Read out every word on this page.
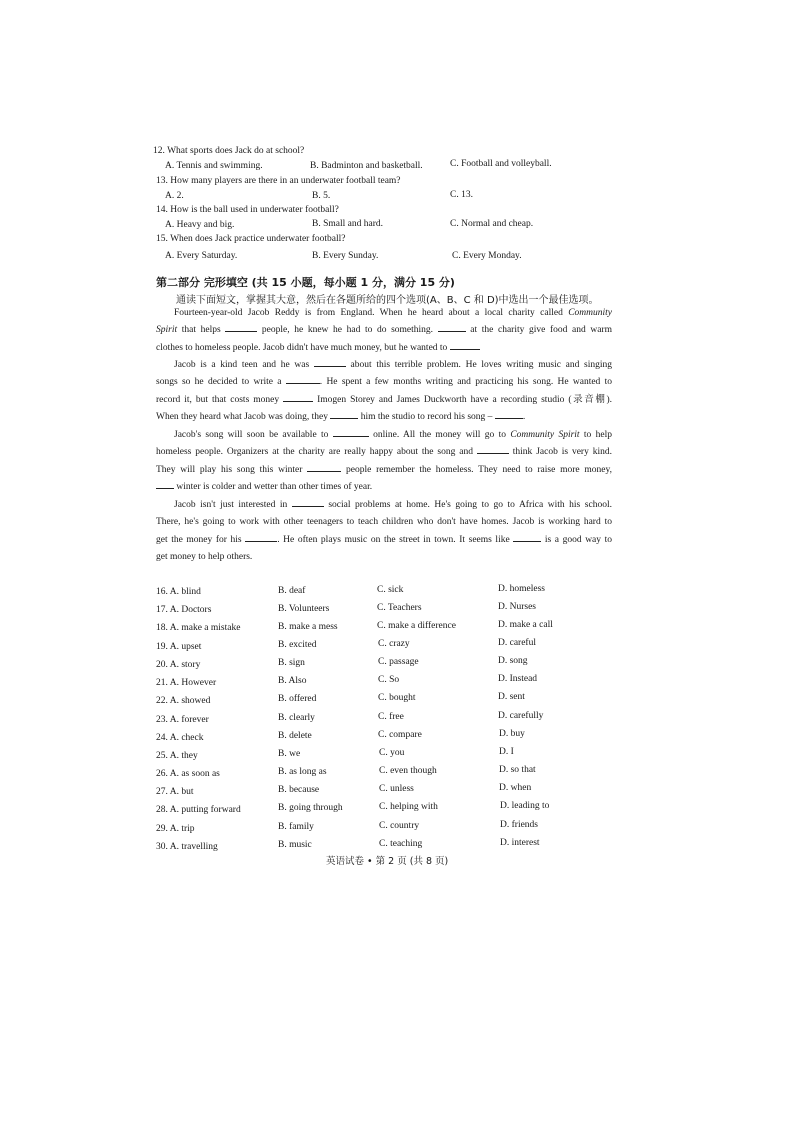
12. What sports does Jack do at school?
A. Tennis and swimming.	B. Badminton and basketball.	C. Football and volleyball.
13. How many players are there in an underwater football team?
A. 2.	B. 5.	C. 13.
14. How is the ball used in underwater football?
A. Heavy and big.	B. Small and hard.	C. Normal and cheap.
15. When does Jack practice underwater football?
A. Every Saturday.	B. Every Sunday.	C. Every Monday.
第二部分 完形填空 (共 15 小题，每小题 1 分，满分 15 分)
通读下面短文，掌握其大意，然后在各题所给的四个选项(A、B、C 和 D)中选出一个最佳选项。
Fourteen-year-old Jacob Reddy is from England. When he heard about a local charity called Community
Spirit that helps	people, he knew he had to do something.	at the charity give food and warm
clothes to homeless people. Jacob didn't have much money, but he wanted to
Jacob is a kind teen and he was	about this terrible problem. He loves writing music and singing
songs so he decided to write a	. He spent a few months writing and practicing his song. He wanted to
record it, but that costs money	Imogen Storey and James Duckworth have a recording studio (录音棚).
When they heard what Jacob was doing, they	him the studio to record his song –	.
Jacob's song will soon be available to	online. All the money will go to Community Spirit to help
homeless people. Organizers at the charity are really happy about the song and	think Jacob is very kind.
They will play his song this winter	people remember the homeless. They need to raise more money,
winter is colder and wetter than other times of year.
Jacob isn't just interested in	social problems at home. He's going to go to Africa with his school.
There, he's going to work with other teenagers to teach children who don't have homes. Jacob is working hard to
get the money for his	. He often plays music on the street in town. It seems like	is a good way to
get money to help others.
16. A. blind	B. deaf	C. sick	D. homeless
17. A. Doctors	B. Volunteers	C. Teachers	D. Nurses
18. A. make a mistake	B. make a mess	C. make a difference	D. make a call
19. A. upset	B. excited	C. crazy	D. careful
20. A. story	B. sign	C. passage	D. song
21. A. However	B. Also	C. So	D. Instead
22. A. showed	B. offered	C. bought	D. sent
23. A. forever	B. clearly	C. free	D. carefully
24. A. check	B. delete	C. compare	D. buy
25. A. they	B. we	C. you	D. I
26. A. as soon as	B. as long as	C. even though	D. so that
27. A. but	B. because	C. unless	D. when
28. A. putting forward	B. going through	C. helping with	D. leading to
29. A. trip	B. family	C. country	D. friends
30. A. travelling	B. music	C. teaching	D. interest
英语试卷 • 第 2 页 (共 8 页)
